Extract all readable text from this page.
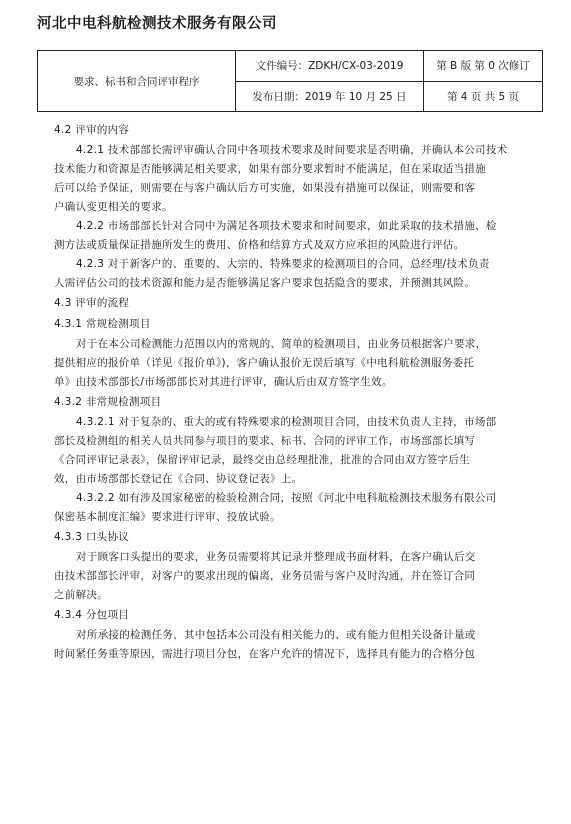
河北中电科航检测技术服务有限公司
要求、标书和合同评审程序	文件编号：ZDKH/CX-03-2019	第 B 版 第 0 次修订
	发布日期：2019 年 10 月 25 日	第 4 页 共 5 页
4.2 评审的内容
4.2.1 技术部部长需评审确认合同中各项技术要求及时间要求是否明确，并确认本公司技术
技术能力和资源是否能够满足相关要求，如果有部分要求暂时不能满足，但在采取适当措施
后可以给予保证，则需要在与客户确认后方可实施，如果没有措施可以保证，则需要和客
户确认变更相关的要求。
4.2.2 市场部部长针对合同中为满足各项技术要求和时间要求，如此采取的技术措施、检
测方法或质量保证措施所发生的费用、价格和结算方式及双方应承担的风险进行评估。
4.2.3 对于新客户的、重要的、大宗的、特殊要求的检测项目的合同，总经理/技术负责
人需评估公司的技术资源和能力是否能够满足客户要求包括隐含的要求，并预测其风险。
4.3 评审的流程
4.3.1 常规检测项目
对于在本公司检测能力范围以内的常规的、简单的检测项目，由业务员根据客户要求，
提供相应的报价单（详见《报价单》)，客户确认报价无误后填写《中电科航检测服务委托
单》由技术部部长/市场部部长对其进行评审，确认后由双方签字生效。
4.3.2 非常规检测项目
4.3.2.1 对于复杂的、重大的或有特殊要求的检测项目合同，由技术负责人主持，市场部
部长及检测组的相关人员共同参与项目的要求、标书、合同的评审工作，市场部部长填写
《合同评审记录表》，保留评审记录，最终交由总经理批准，批准的合同由双方签字后生
效，由市场部部长登记在《合同、协议登记表》上。
4.3.2.2 如有涉及国家秘密的检验检测合同，按照《河北中电科航检测技术服务有限公司
保密基本制度汇编》要求进行评审、投放试验。
4.3.3 口头协议
对于顾客口头提出的要求，业务员需要将其记录并整理成书面材料，在客户确认后交
由技术部部长评审，对客户的要求出现的偏离，业务员需与客户及时沟通，并在签订合同
之前解决。
4.3.4 分包项目
对所承接的检测任务，其中包括本公司没有相关能力的、或有能力但相关设备计量或
时间紧任务重等原因，需进行项目分包，在客户允许的情况下，选择具有能力的合格分包
